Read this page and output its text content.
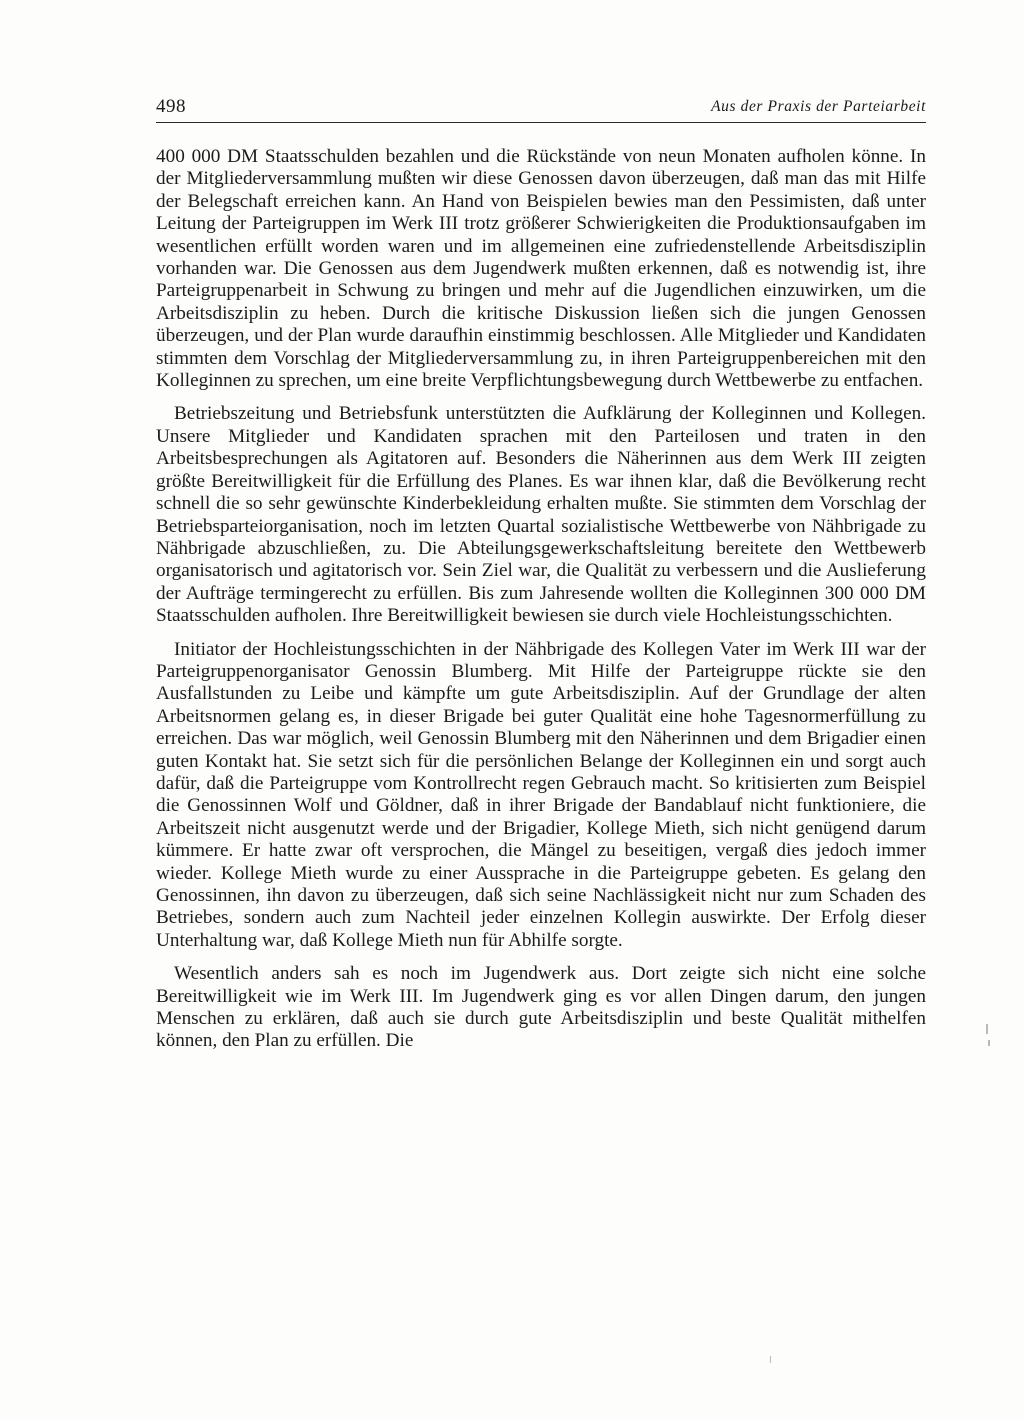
498	Aus der Praxis der Parteiarbeit

400 000 DM Staatsschulden bezahlen und die Rückstände von neun Monaten aufholen könne. In der Mitgliederversammlung mußten wir diese Genossen davon überzeugen, daß man das mit Hilfe der Belegschaft erreichen kann. An Hand von Beispielen bewies man den Pessimisten, daß unter Leitung der Parteigruppen im Werk III trotz größerer Schwierigkeiten die Produktionsaufgaben im wesentlichen erfüllt worden waren und im allgemeinen eine zufriedenstellende Arbeitsdisziplin vorhanden war. Die Genossen aus dem Jugendwerk mußten erkennen, daß es notwendig ist, ihre Parteigruppenarbeit in Schwung zu bringen und mehr auf die Jugendlichen einzuwirken, um die Arbeitsdisziplin zu heben. Durch die kritische Diskussion ließen sich die jungen Genossen überzeugen, und der Plan wurde daraufhin einstimmig beschlossen. Alle Mitglieder und Kandidaten stimmten dem Vorschlag der Mitgliederversammlung zu, in ihren Parteigruppenbereichen mit den Kolleginnen zu sprechen, um eine breite Verpflichtungsbewegung durch Wettbewerbe zu entfachen.

Betriebszeitung und Betriebsfunk unterstützten die Aufklärung der Kolleginnen und Kollegen. Unsere Mitglieder und Kandidaten sprachen mit den Parteilosen und traten in den Arbeitsbesprechungen als Agitatoren auf. Besonders die Näherinnen aus dem Werk III zeigten größte Bereitwilligkeit für die Erfüllung des Planes. Es war ihnen klar, daß die Bevölkerung recht schnell die so sehr gewünschte Kinderbekleidung erhalten mußte. Sie stimmten dem Vorschlag der Betriebsparteiorganisation, noch im letzten Quartal sozialistische Wettbewerbe von Nähbrigade zu Nähbrigade abzuschließen, zu. Die Abteilungsgewerkschaftsleitung bereitete den Wettbewerb organisatorisch und agitatorisch vor. Sein Ziel war, die Qualität zu verbessern und die Auslieferung der Aufträge termingerecht zu erfüllen. Bis zum Jahresende wollten die Kolleginnen 300 000 DM Staatsschulden aufholen. Ihre Bereitwilligkeit bewiesen sie durch viele Hochleistungsschichten.

Initiator der Hochleistungsschichten in der Nähbrigade des Kollegen Vater im Werk III war der Parteigruppenorganisator Genossin Blumberg. Mit Hilfe der Parteigruppe rückte sie den Ausfallstunden zu Leibe und kämpfte um gute Arbeitsdisziplin. Auf der Grundlage der alten Arbeitsnormen gelang es, in dieser Brigade bei guter Qualität eine hohe Tagesnormerfüllung zu erreichen. Das war möglich, weil Genossin Blumberg mit den Näherinnen und dem Brigadier einen guten Kontakt hat. Sie setzt sich für die persönlichen Belange der Kolleginnen ein und sorgt auch dafür, daß die Parteigruppe vom Kontrollrecht regen Gebrauch macht. So kritisierten zum Beispiel die Genossinnen Wolf und Göldner, daß in ihrer Brigade der Bandablauf nicht funktioniere, die Arbeitszeit nicht ausgenutzt werde und der Brigadier, Kollege Mieth, sich nicht genügend darum kümmere. Er hatte zwar oft versprochen, die Mängel zu beseitigen, vergaß dies jedoch immer wieder. Kollege Mieth wurde zu einer Aussprache in die Parteigruppe gebeten. Es gelang den Genossinnen, ihn davon zu überzeugen, daß sich seine Nachlässigkeit nicht nur zum Schaden des Betriebes, sondern auch zum Nachteil jeder einzelnen Kollegin auswirkte. Der Erfolg dieser Unterhaltung war, daß Kollege Mieth nun für Abhilfe sorgte.

Wesentlich anders sah es noch im Jugendwerk aus. Dort zeigte sich nicht eine solche Bereitwilligkeit wie im Werk III. Im Jugendwerk ging es vor allen Dingen darum, den jungen Menschen zu erklären, daß auch sie durch gute Arbeitsdisziplin und beste Qualität mithelfen können, den Plan zu erfüllen. Die
